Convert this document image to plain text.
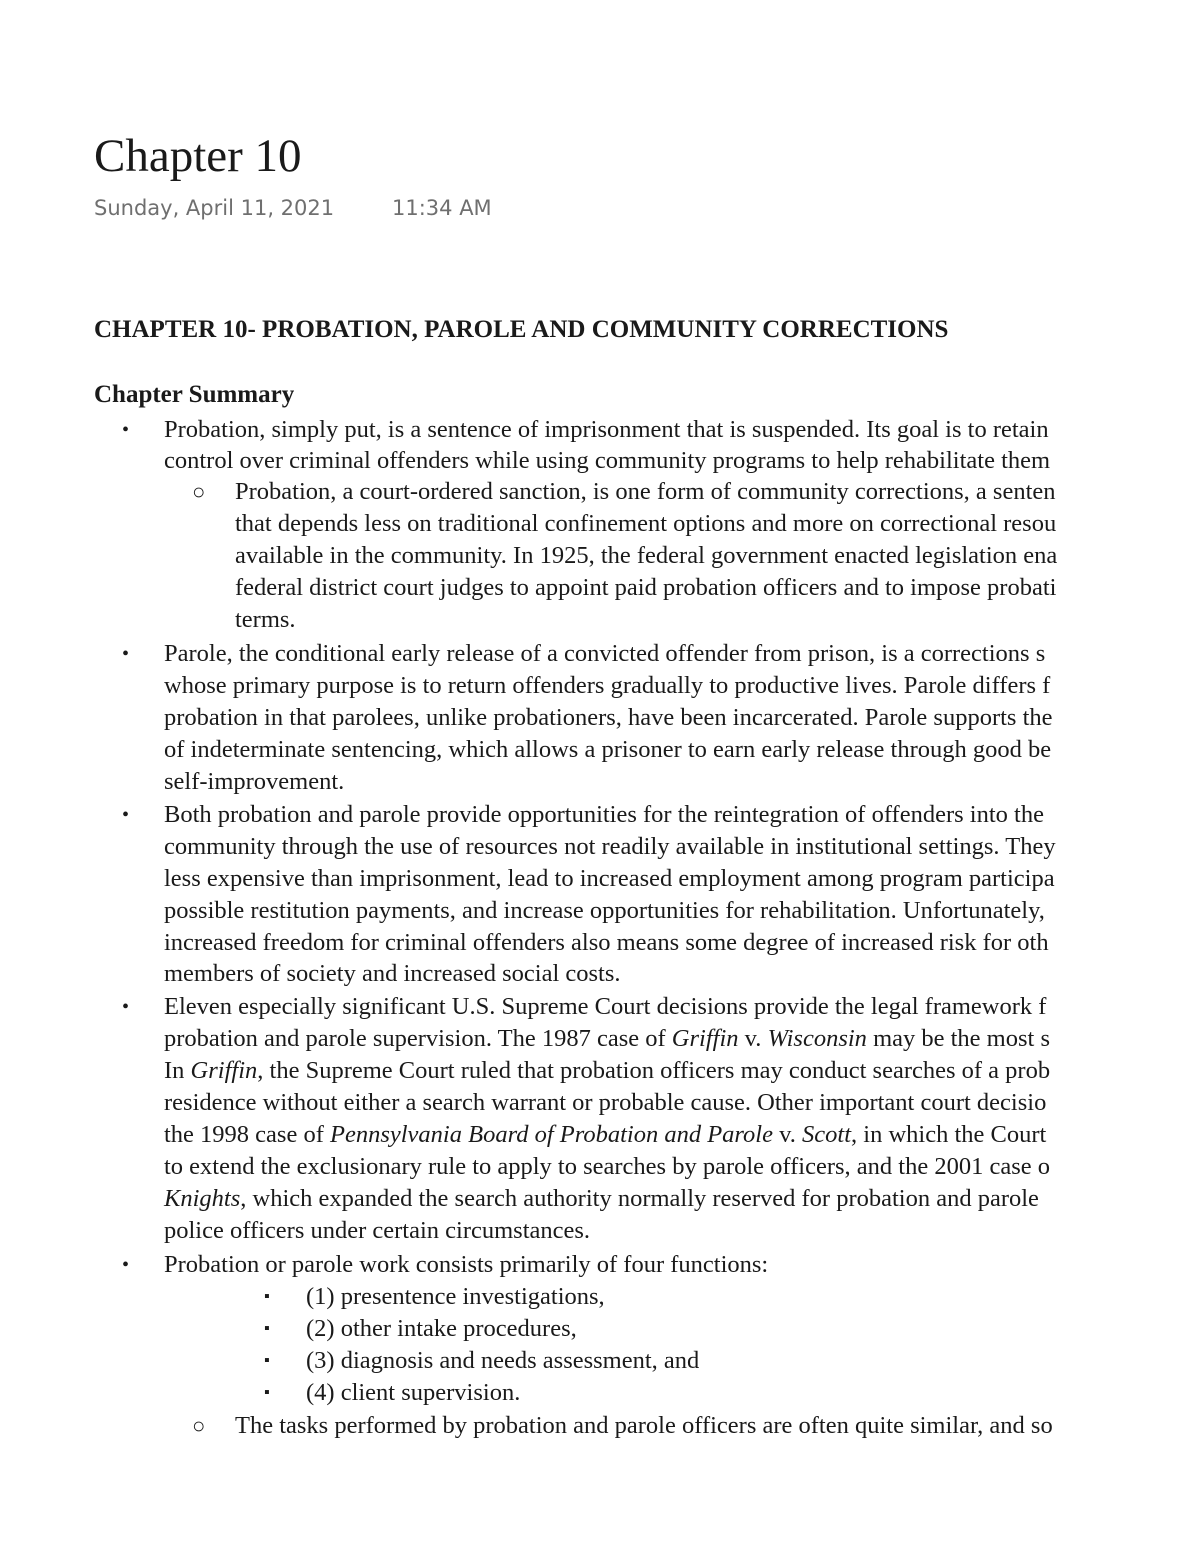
Chapter 10
Sunday, April 11, 2021	11:34 AM
CHAPTER 10- PROBATION, PAROLE AND COMMUNITY CORRECTIONS
Chapter Summary
• Probation, simply put, is a sentence of imprisonment that is suspended. Its goal is to retain
control over criminal offenders while using community programs to help rehabilitate them
○ Probation, a court-ordered sanction, is one form of community corrections, a senten
that depends less on traditional confinement options and more on correctional resou
available in the community. In 1925, the federal government enacted legislation ena
federal district court judges to appoint paid probation officers and to impose probati
terms.
• Parole, the conditional early release of a convicted offender from prison, is a corrections s
whose primary purpose is to return offenders gradually to productive lives. Parole differs f
probation in that parolees, unlike probationers, have been incarcerated. Parole supports the
of indeterminate sentencing, which allows a prisoner to earn early release through good be
self-improvement.
• Both probation and parole provide opportunities for the reintegration of offenders into the
community through the use of resources not readily available in institutional settings. They
less expensive than imprisonment, lead to increased employment among program participa
possible restitution payments, and increase opportunities for rehabilitation. Unfortunately,
increased freedom for criminal offenders also means some degree of increased risk for oth
members of society and increased social costs.
• Eleven especially significant U.S. Supreme Court decisions provide the legal framework f
probation and parole supervision. The 1987 case of Griffin v. Wisconsin may be the most s
In Griffin, the Supreme Court ruled that probation officers may conduct searches of a prob
residence without either a search warrant or probable cause. Other important court decisio
the 1998 case of Pennsylvania Board of Probation and Parole v. Scott, in which the Court
to extend the exclusionary rule to apply to searches by parole officers, and the 2001 case o
Knights, which expanded the search authority normally reserved for probation and parole
police officers under certain circumstances.
• Probation or parole work consists primarily of four functions:
▪ (1) presentence investigations,
▪ (2) other intake procedures,
▪ (3) diagnosis and needs assessment, and
▪ (4) client supervision.
○ The tasks performed by probation and parole officers are often quite similar, and so
